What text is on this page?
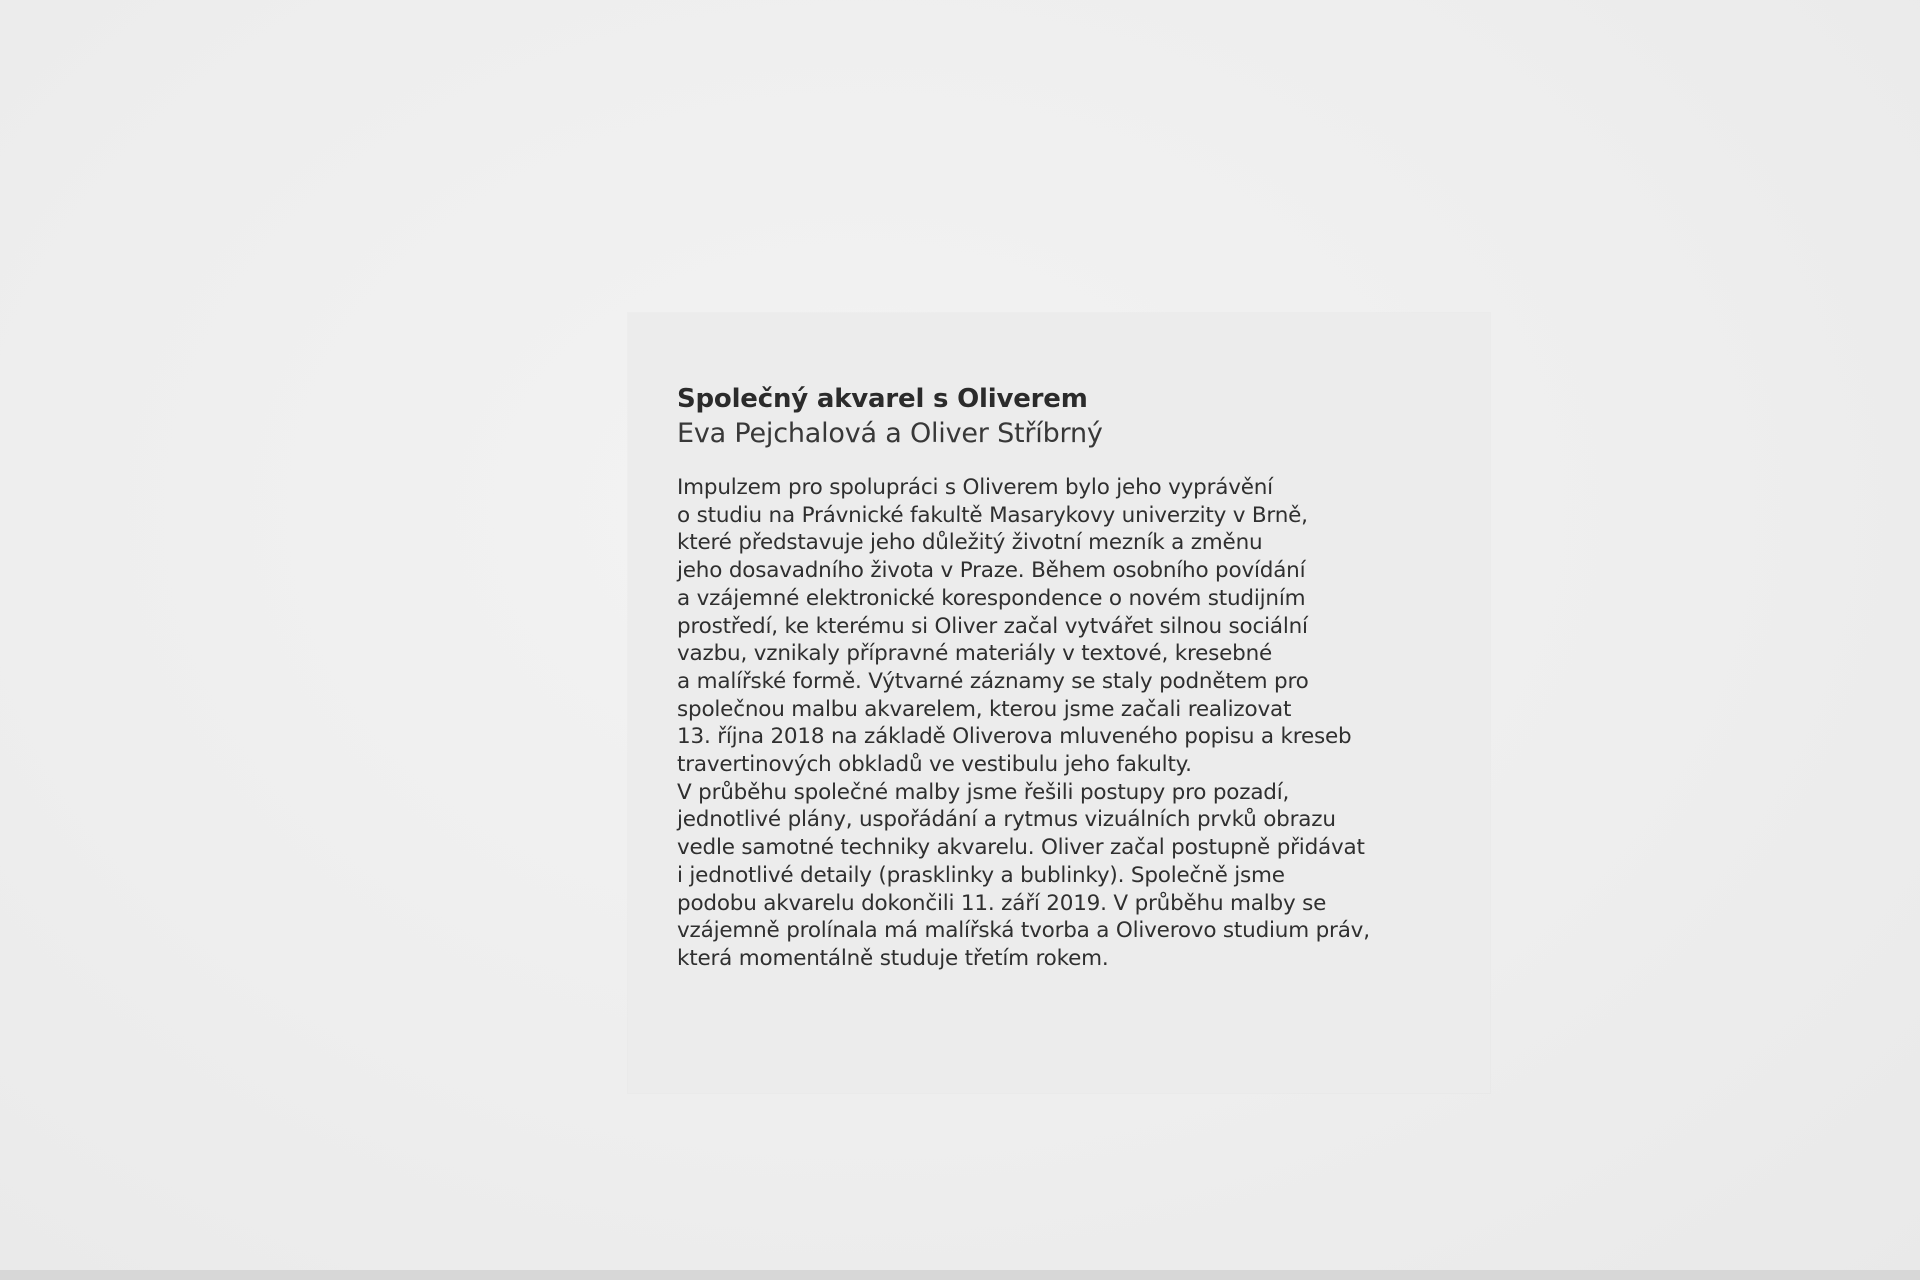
Společný akvarel s Oliverem

Eva Pejchalová a Oliver Stříbrný

Impulzem pro spolupráci s Oliverem bylo jeho vyprávění
o studiu na Právnické fakultě Masarykovy univerzity v Brně,
které představuje jeho důležitý životní mezník a změnu
jeho dosavadního života v Praze. Během osobního povídání
a vzájemné elektronické korespondence o novém studijním
prostředí, ke kterému si Oliver začal vytvářet silnou sociální
vazbu, vznikaly přípravné materiály v textové, kresebné
a malířské formě. Výtvarné záznamy se staly podnětem pro
společnou malbu akvarelem, kterou jsme začali realizovat
13. října 2018 na základě Oliverova mluveného popisu a kreseb
travertinových obkladů ve vestibulu jeho fakulty.
V průběhu společné malby jsme řešili postupy pro pozadí,
jednotlivé plány, uspořádání a rytmus vizuálních prvků obrazu
vedle samotné techniky akvarelu. Oliver začal postupně přidávat
i jednotlivé detaily (prasklinky a bublinky). Společně jsme
podobu akvarelu dokončili 11. září 2019. V průběhu malby se
vzájemně prolínala má malířská tvorba a Oliverovo studium práv,
která momentálně studuje třetím rokem.
